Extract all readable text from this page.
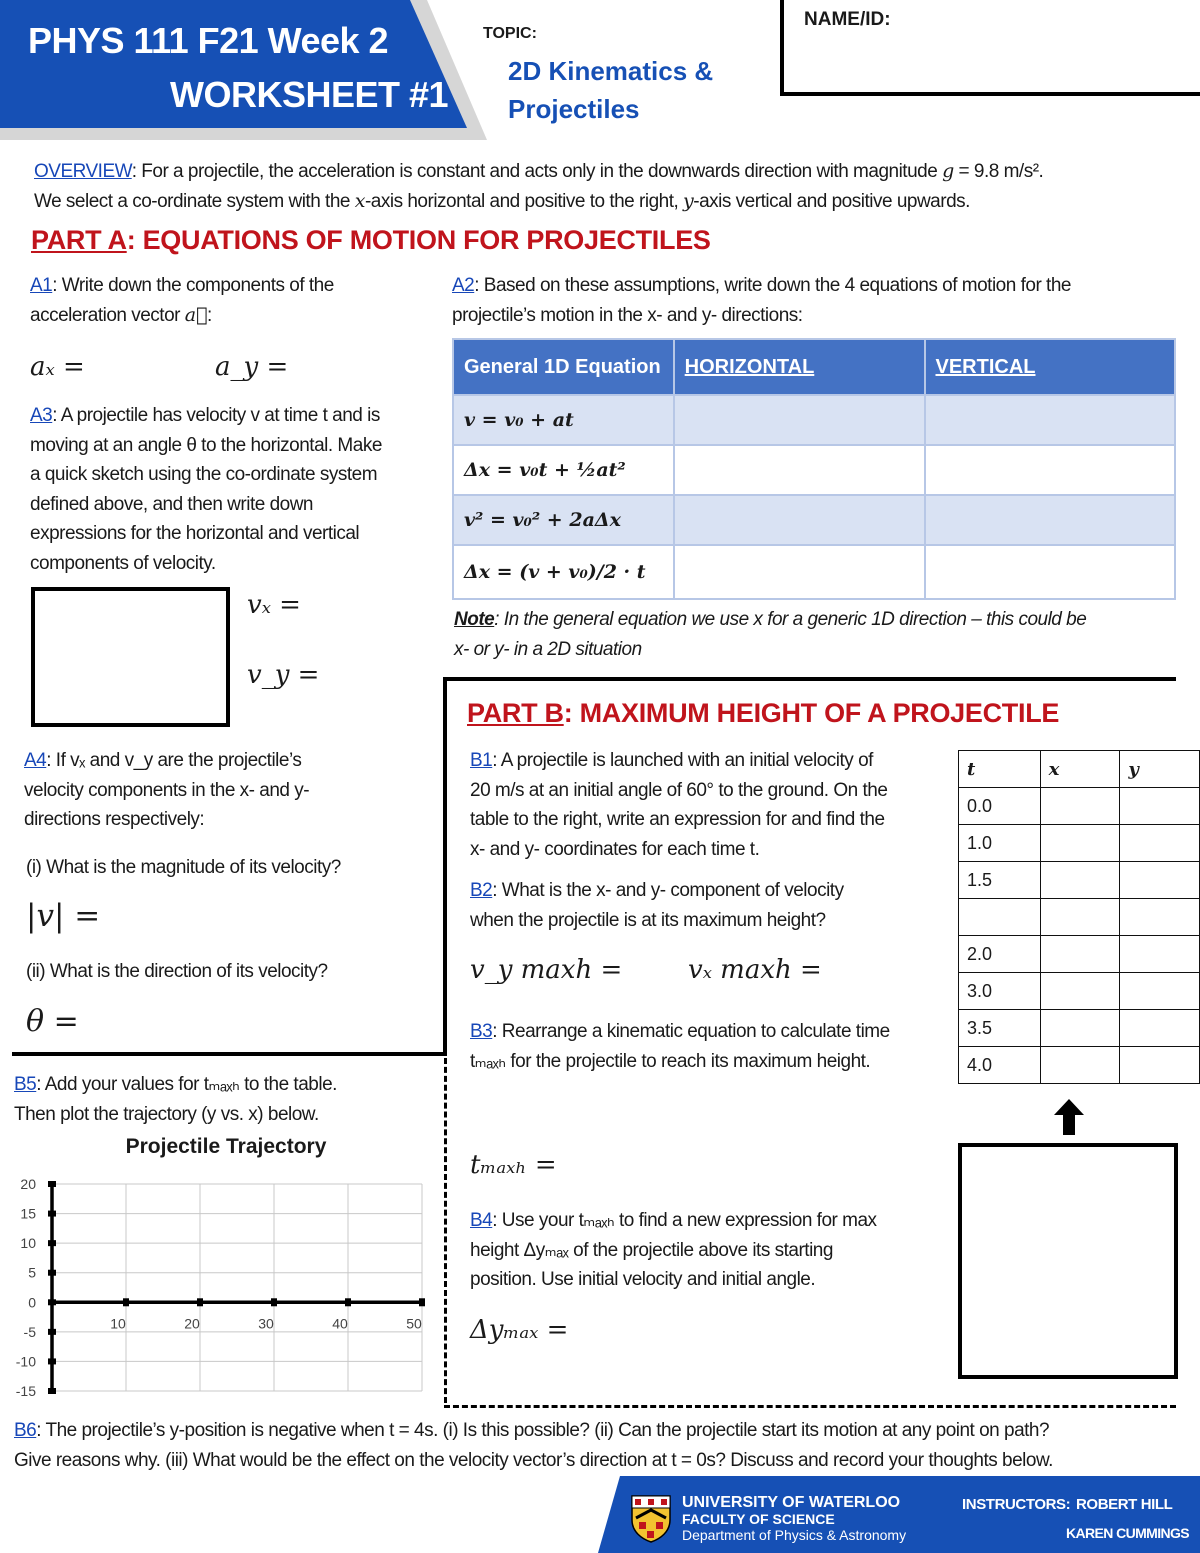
PHYS 111 F21 Week 2
WORKSHEET #1
TOPIC:
2D Kinematics &
Projectiles
NAME/ID:
OVERVIEW: For a projectile, the acceleration is constant and acts only in the downwards direction with magnitude g = 9.8 m/s².
We select a co-ordinate system with the x-axis horizontal and positive to the right, y-axis vertical and positive upwards.
PART A: EQUATIONS OF MOTION FOR PROJECTILES
A1: Write down the components of the
acceleration vector a⃗:
aₓ =	a_y =
A2: Based on these assumptions, write down the 4 equations of motion for the
projectile’s motion in the x- and y- directions:
A3: A projectile has velocity v at time t and is
moving at an angle θ to the horizontal. Make
a quick sketch using the co-ordinate system
defined above, and then write down
expressions for the horizontal and vertical
components of velocity.
vₓ =
v_y =
General 1D Equation	HORIZONTAL	VERTICAL
v = v₀ + at		
Δx = v₀t + ½at²		
v² = v₀² + 2aΔx		
Δx = (v + v₀)/2 · t		
Note: In the general equation we use x for a generic 1D direction – this could be
x- or y- in a 2D situation
A4: If vₓ and v_y are the projectile’s
velocity components in the x- and y-
directions respectively:
(i) What is the magnitude of its velocity?
|v| =
(ii) What is the direction of its velocity?
θ =
PART B: MAXIMUM HEIGHT OF A PROJECTILE
B1: A projectile is launched with an initial velocity of
20 m/s at an initial angle of 60° to the ground. On the
table to the right, write an expression for and find the
x- and y- coordinates for each time t.
B2: What is the x- and y- component of velocity
when the projectile is at its maximum height?
v_y maxh =	vₓ maxh =
B3: Rearrange a kinematic equation to calculate time
tₘₐₓₕ for the projectile to reach its maximum height.
tₘₐₓₕ =
B4: Use your tₘₐₓₕ to find a new expression for max
height Δyₘₐₓ of the projectile above its starting
position. Use initial velocity and initial angle.
Δyₘₐₓ =
t	x	y
0.0		
1.0		
1.5		

2.0		
3.0		
3.5		
4.0		
B5: Add your values for tₘₐₓₕ to the table.
Then plot the trajectory (y vs. x) below.
Projectile Trajectory
20
15
10
5
0
-5
-10
-15
10	20	30	40	50
B6: The projectile’s y-position is negative when t = 4s. (i) Is this possible? (ii) Can the projectile start its motion at any point on path?
Give reasons why. (iii) What would be the effect on the velocity vector’s direction at t = 0s? Discuss and record your thoughts below.
UNIVERSITY OF WATERLOO
FACULTY OF SCIENCE
Department of Physics & Astronomy
INSTRUCTORS: ROBERT HILL
KAREN CUMMINGS
